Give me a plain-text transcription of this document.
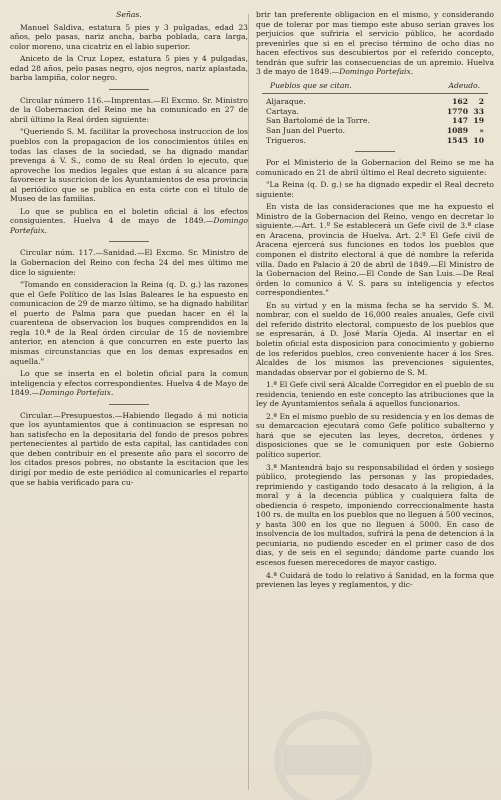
Señas.

Manuel Saldiva, estatura 5 pies y 3 pulgadas, edad 23 años, pelo pasas, nariz ancha, barba poblada, cara larga, color moreno, una cicatriz en el labio superior.

Aniceto de la Cruz Lopez, estatura 5 pies y 4 pulgadas, edad 28 años, pelo pasas negro, ojos negros, nariz aplastada, barba lampiña, color negro.

Circular número 116.—Imprentas.—El Excmo. Sr. Ministro de la Gobernacion del Reino me ha comunicado en 27 de abril último la Real órden siguiente:

"Queriendo S. M. facilitar la provechosa instruccion de los pueblos con la propagacion de los conocimientos útiles en todas las clases de la sociedad, se ha dignado mandar prevenga á V. S., como de su Real órden lo ejecuto, que aproveche los medios legales que estan á su alcance para favorecer la suscricion de los Ayuntamientos de esa provincia al periódico que se publica en esta córte con el título de Museo de las familias.

Lo que se publica en el boletin oficial á los efectos consiguientes. Huelva 4 de mayo de 1849.—Domingo Portefaix.

Circular núm. 117.—Sanidad.—El Excmo. Sr. Ministro de la Gobernacion del Reino con fecha 24 del mes último me dice lo siguiente:

"Tomando en consideracion la Reina (q. D. g.) las razones que el Gefe Político de las Islas Baleares le ha espuesto en comunicacion de 29 de marzo último, se ha dignado habilitar el puerto de Palma para que puedan hacer en él la cuarentena de observacion los buques comprendidos en la regla 10.ª de la Real órden circular de 15 de noviembre anterior, en atencion á que concurren en este puerto las mismas circunstancias que en los demas expresados en aquella."

Lo que se inserta en el boletin oficial para la comun inteligencia y efectos correspondientes. Huelva 4 de Mayo de 1849.—Domingo Portefaix.

Circular.—Presupuestos.—Habiendo llegado á mi noticia que los ayuntamientos que á continuacion se espresan no han satisfecho en la depositaria del fondo de presos pobres pertenecientes al partido de esta capital, las cantidades con que deben contribuir en el presente año para el socorro de los citados presos pobres, no obstante la escitacion que les dirigí por medio de este periódico al comunicarles el reparto que se habia verificado para cu-

brir tan preferente obligacion en el mismo, y considerando que de tolerar por mas tiempo este abuso serian graves los perjuicios que sufriria el servicio público, he acordado prevenirles que si en el preciso término de ocho dias no hacen efectivos sus descubiertos por el referido concepto, tendrán que sufrir las consecuencias de un apremio. Huelva 3 de mayo de 1849.—Domingo Portefaix.

Pueblos que se citan.	Adeudo.
Aljaraque.	162	2
Cartaya.	1770 33
San Bartolomé de la Torre.	147 19
San Juan del Puerto.	1089	»
Trigueros.	1545 10

Por el Ministerio de la Gobernacion del Reino se me ha comunicado en 21 de abril último el Real decreto siguiente:

"La Reina (q. D. g.) se ha dignado expedir el Real decreto siguiente:

En vista de las consideraciones que me ha expuesto el Ministro de la Gobernacion del Reino, vengo en decretar lo siguiente.—Art. 1.º Se establecerá un Gefe civil de 3.ª clase en Aracena, provincia de Huelva. Art. 2.º El Gefe civil de Aracena ejercerá sus funciones en todos los pueblos que componen el distrito electoral á que dé nombre la referida villa. Dado en Palacio á 20 de abril de 1849.—El Ministro de la Gobernacion del Reino.—El Conde de San Luis.—De Real órden lo comunico á V. S. para su inteligencia y efectos correspondientes."

En su virtud y en la misma fecha se ha servido S. M. nombrar, con el sueldo de 16,000 reales anuales, Gefe civil del referido distrito electoral, compuesto de los pueblos que se espresarán, á D. José María Ojeda. Al insertar en el boletin oficial esta disposicion para conocimiento y gobierno de los referidos pueblos, creo conveniente hacer á los Sres. Alcaldes de los mismos las prevenciones siguientes, mandadas observar por el gobierno de S. M.

1.ª El Gefe civil será Alcalde Corregidor en el pueblo de su residencia, teniendo en este concepto las atribuciones que la ley de Ayuntamientos señala á aquellos funcionarios.

2.ª En el mismo pueblo de su residencia y en los demas de su demarcacion ejecutará como Gefe político subalterno y hará que se ejecuten las leyes, decretos, órdenes y disposiciones que se le comuniquen por este Gobierno político superior.

3.ª Mantendrá bajo su responsabilidad el órden y sosiego público, protegiendo las personas y las propiedades, reprimiendo y castigando todo desacato á la religion, á la moral y á la decencia pública y cualquiera falta de obediencia ó respeto, imponiendo correccionalmente hasta 100 rs. de multa en los pueblos que no lleguen á 500 vecinos, y hasta 300 en los que no lleguen á 5000. En caso de insolvencia de los multados, sufrirá la pena de detencion á la pecuniaria, no pudiendo esceder en el primer caso de dos dias, y de seis en el segundo; dándome parte cuando los escesos fuesen merecedores de mayor castigo.

4.ª Cuidará de todo lo relativo á Sanidad, en la forma que previenen las leyes y reglamentos, y dic-
